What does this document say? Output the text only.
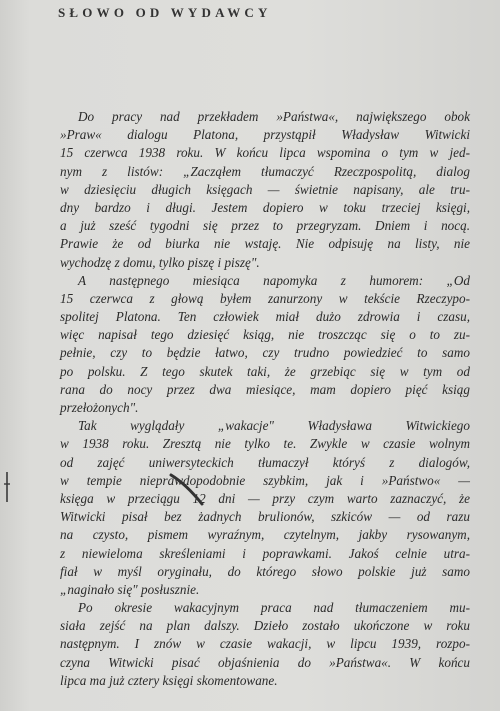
SŁOWO OD WYDAWCY
Do pracy nad przekładem »Państwa«, największego obok
»Praw« dialogu Platona, przystąpił Władysław Witwicki
15 czerwca 1938 roku. W końcu lipca wspomina o tym w jed-
nym z listów: „Zacząłem tłumaczyć Rzeczpospolitą, dialog
w dziesięciu długich księgach — świetnie napisany, ale tru-
dny bardzo i długi. Jestem dopiero w toku trzeciej księgi,
a już sześć tygodni się przez to przegryzam. Dniem i nocą.
Prawie że od biurka nie wstaję. Nie odpisuję na listy, nie
wychodzę z domu, tylko piszę i piszę".
A następnego miesiąca napomyka z humorem: „Od
15 czerwca z głową byłem zanurzony w tekście Rzeczypo-
spolitej Platona. Ten człowiek miał dużo zdrowia i czasu,
więc napisał tego dziesięć ksiąg, nie troszcząc się o to zu-
pełnie, czy to będzie łatwo, czy trudno powiedzieć to samo
po polsku. Z tego skutek taki, że grzebiąc się w tym od
rana do nocy przez dwa miesiące, mam dopiero pięć ksiąg
przełożonych".
Tak wyglądały „wakacje" Władysława Witwickiego
w 1938 roku. Zresztą nie tylko te. Zwykle w czasie wolnym
od zajęć uniwersyteckich tłumaczył któryś z dialogów,
w tempie nieprawdopodobnie szybkim, jak i »Państwo« —
księga w przeciągu 12 dni — przy czym warto zaznaczyć, że
Witwicki pisał bez żadnych brulionów, szkiców — od razu
na czysto, pismem wyraźnym, czytelnym, jakby rysowanym,
z niewieloma skreśleniami i poprawkami. Jakoś celnie utra-
fiał w myśl oryginału, do którego słowo polskie już samo
„naginało się" posłusznie.
Po okresie wakacyjnym praca nad tłumaczeniem mu-
siała zejść na plan dalszy. Dzieło zostało ukończone w roku
następnym. I znów w czasie wakacji, w lipcu 1939, rozpo-
czyna Witwicki pisać objaśnienia do »Państwa«. W końcu
lipca ma już cztery księgi skomentowane.
